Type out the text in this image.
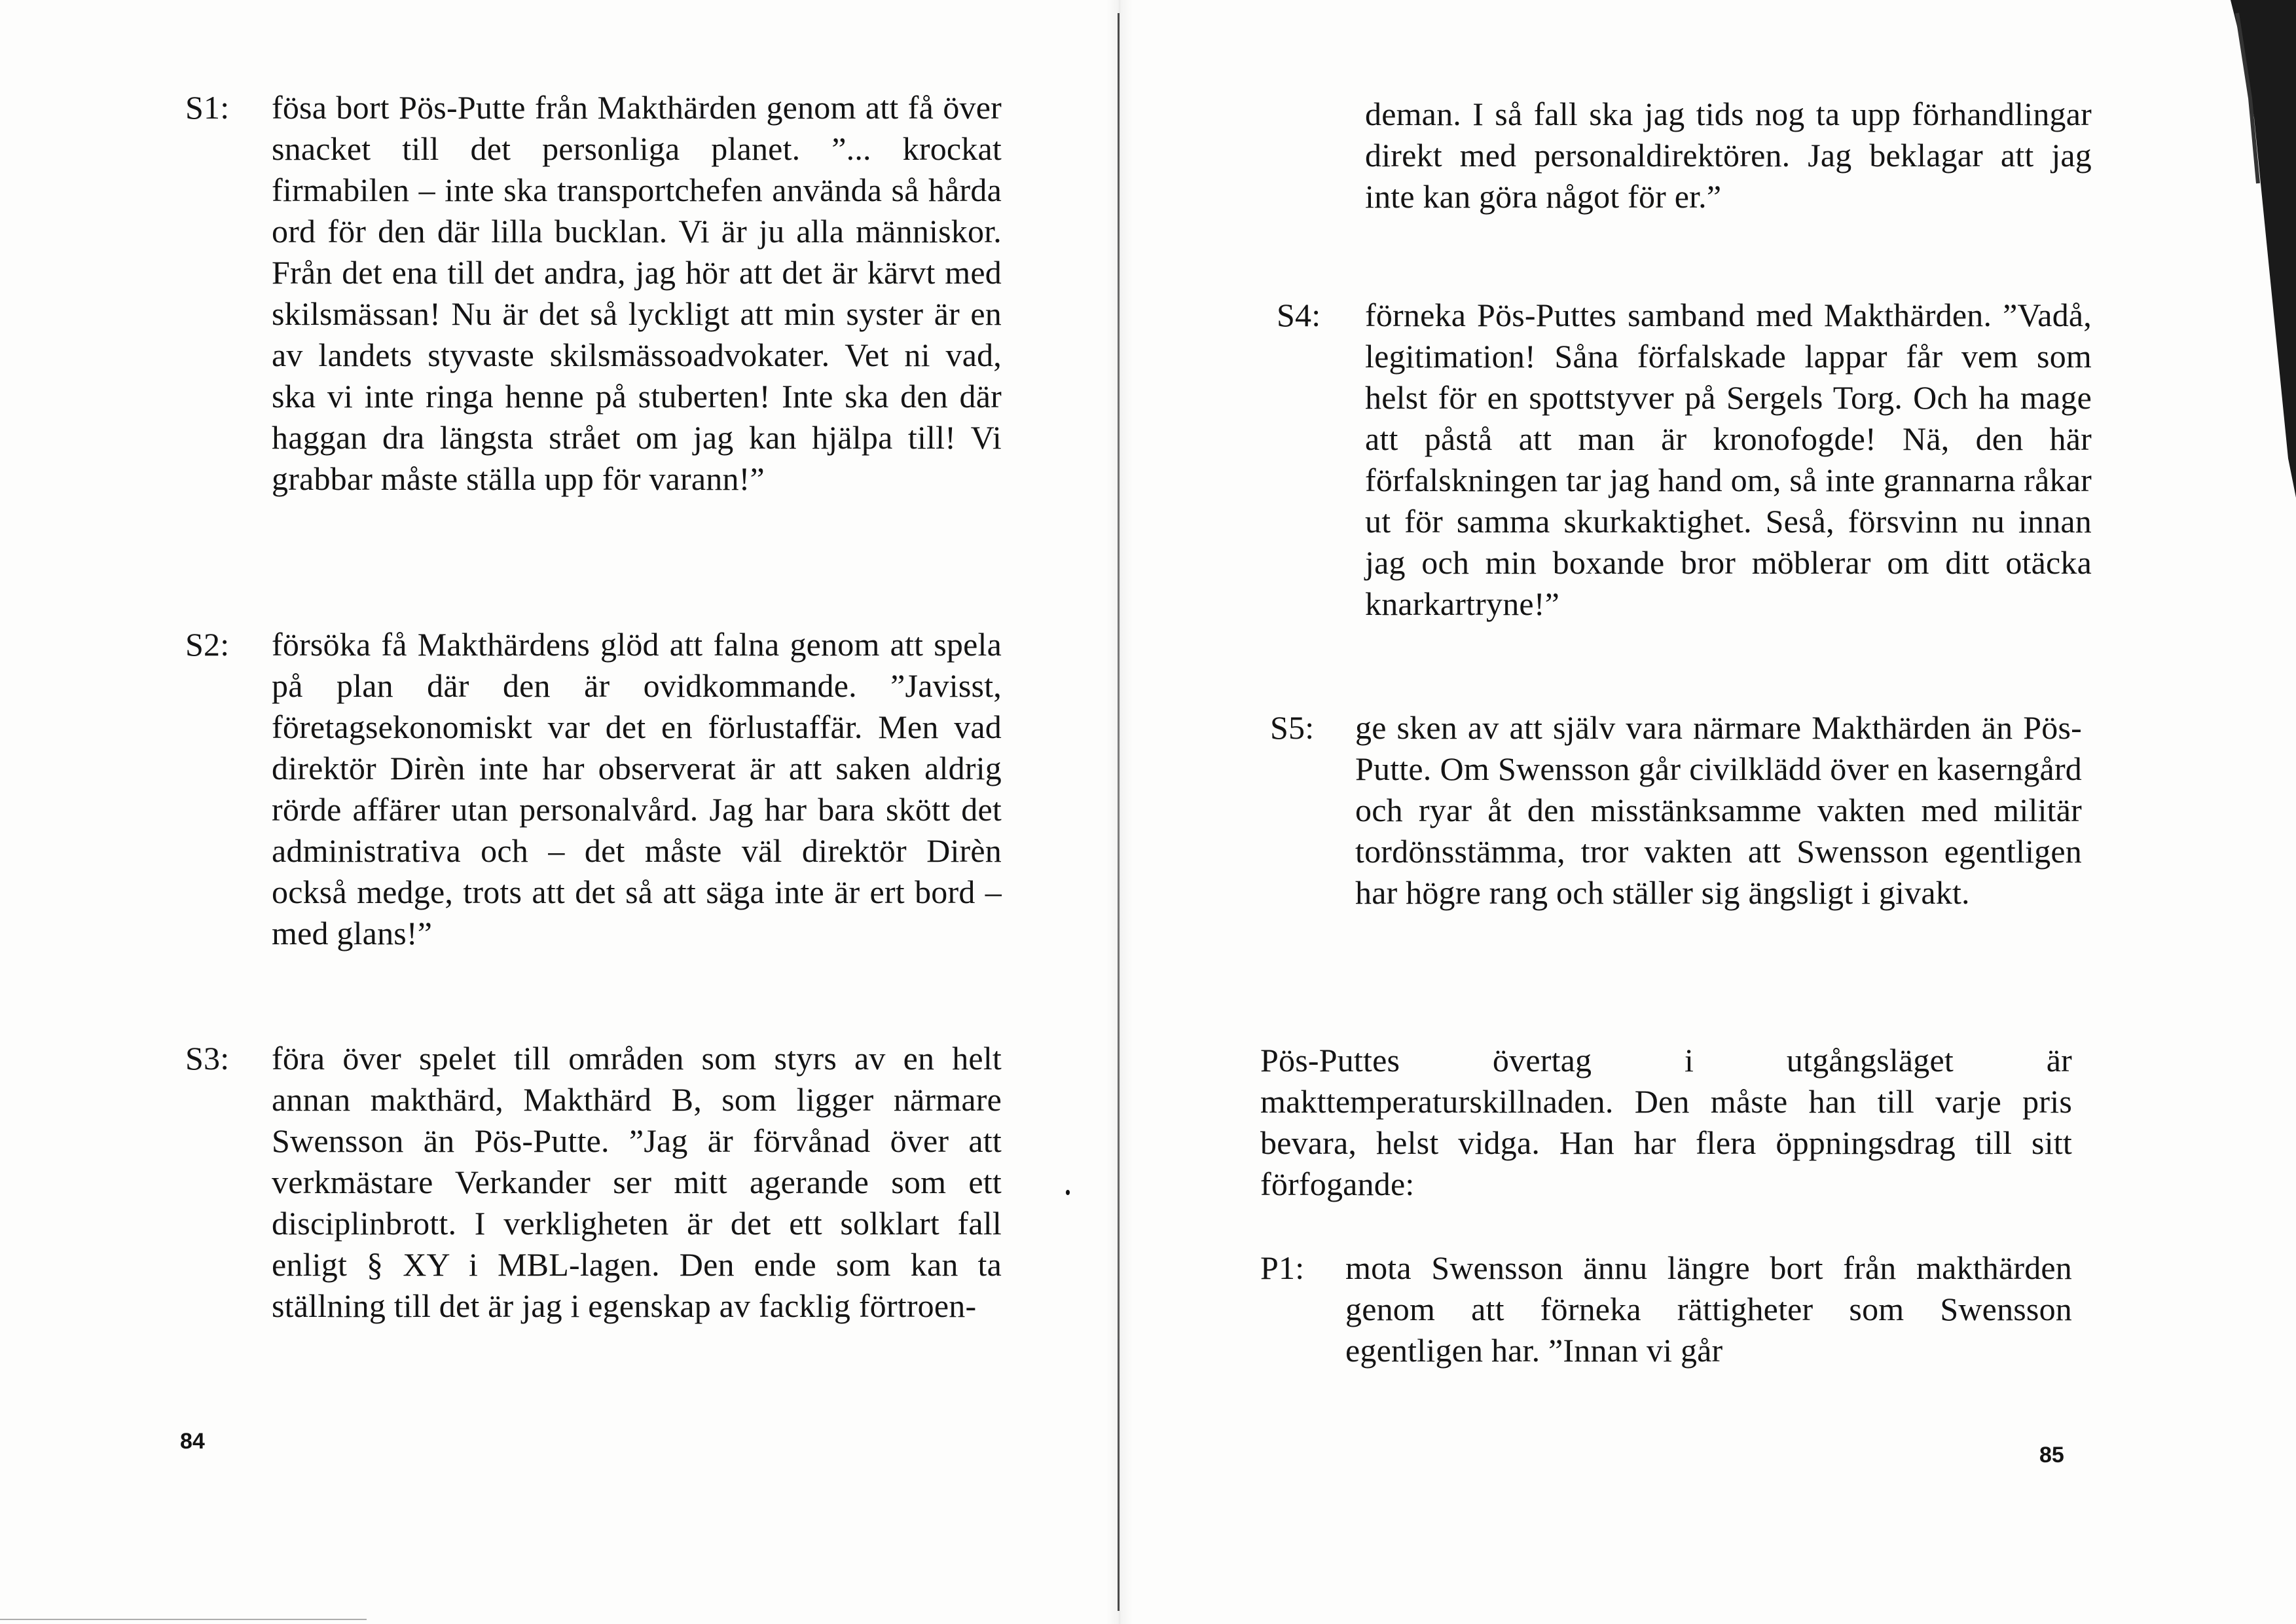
S1: fösa bort Pös-Putte från Makthärden genom att få över snacket till det personliga planet. ”... krockat firmabilen – inte ska transportchefen använda så hårda ord för den där lilla bucklan. Vi är ju alla människor. Från det ena till det andra, jag hör att det är kärvt med skilsmässan! Nu är det så lyckligt att min syster är en av landets styvaste skilsmässoadvokater. Vet ni vad, ska vi inte ringa henne på stuberten! Inte ska den där haggan dra längsta strået om jag kan hjälpa till! Vi grabbar måste ställa upp för varann!”
S2: försöka få Makthärdens glöd att falna genom att spela på plan där den är ovidkommande. ”Javisst, företagsekonomiskt var det en förlustaffär. Men vad direktör Dirèn inte har observerat är att saken aldrig rörde affärer utan personalvård. Jag har bara skött det administrativa och – det måste väl direktör Dirèn också medge, trots att det så att säga inte är ert bord – med glans!”
S3: föra över spelet till områden som styrs av en helt annan makthärd, Makthärd B, som ligger närmare Swensson än Pös-Putte. ”Jag är förvånad över att verkmästare Verkander ser mitt agerande som ett disciplinbrott. I verkligheten är det ett solklart fall enligt § XY i MBL-lagen. Den ende som kan ta ställning till det är jag i egenskap av facklig förtroen-
84
deman. I så fall ska jag tids nog ta upp förhandlingar direkt med personaldirektören. Jag beklagar att jag inte kan göra något för er.”
S4: förneka Pös-Puttes samband med Makthärden. ”Vadå, legitimation! Såna förfalskade lappar får vem som helst för en spottstyver på Sergels Torg. Och ha mage att påstå att man är kronofogde! Nä, den här förfalskningen tar jag hand om, så inte grannarna råkar ut för samma skurkaktighet. Seså, försvinn nu innan jag och min boxande bror möblerar om ditt otäcka knarkartryne!”
S5: ge sken av att själv vara närmare Makthärden än Pös-Putte. Om Swensson går civilklädd över en kaserngård och ryar åt den misstänksamme vakten med militär tordönsstämma, tror vakten att Swensson egentligen har högre rang och ställer sig ängsligt i givakt.
Pös-Puttes övertag i utgångsläget är makttemperaturskillnaden. Den måste han till varje pris bevara, helst vidga. Han har flera öppningsdrag till sitt förfogande:
P1: mota Swensson ännu längre bort från makthärden genom att förneka rättigheter som Swensson egentligen har. ”Innan vi går
85
